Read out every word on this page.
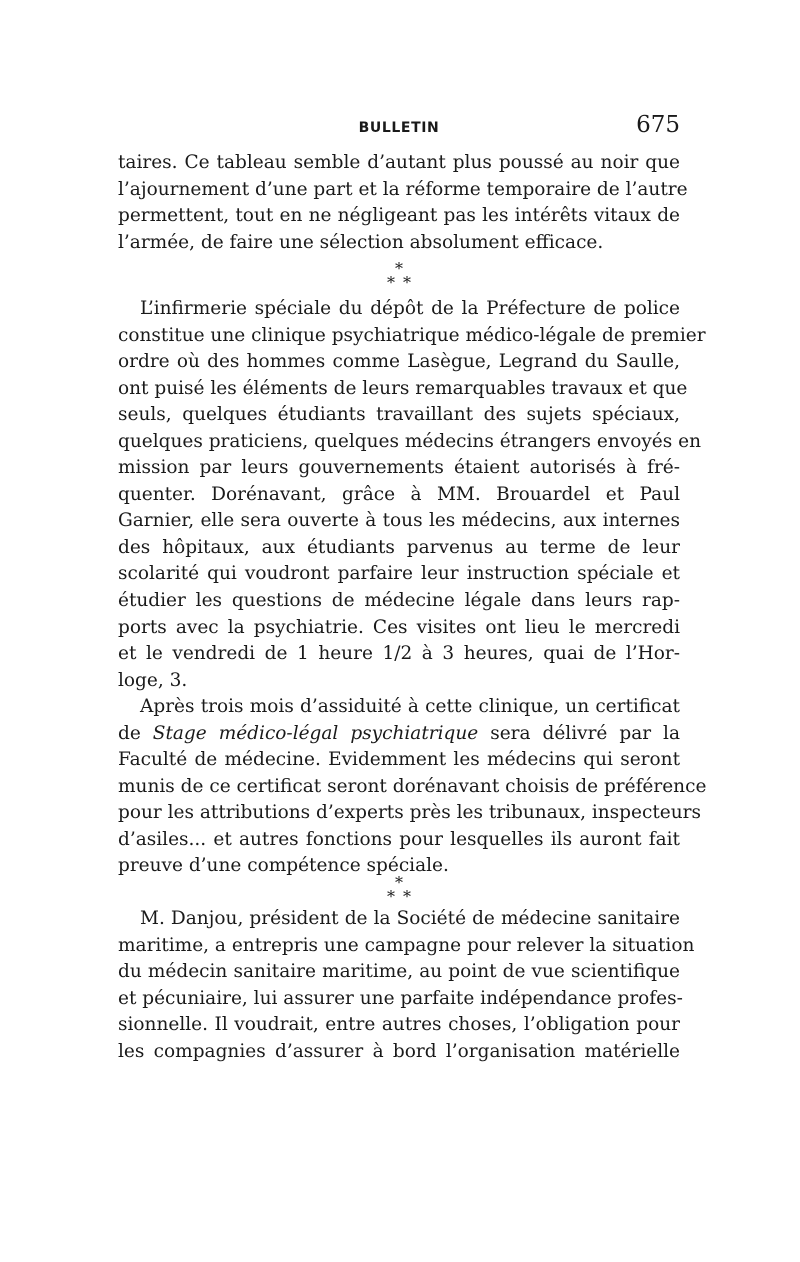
BULLETIN	675
taires. Ce tableau semble d’autant plus poussé au noir que
l’ajournement d’une part et la réforme temporaire de l’autre
permettent, tout en ne négligeant pas les intérêts vitaux de
l’armée, de faire une sélection absolument efficace.
*
**
L’infirmerie spéciale du dépôt de la Préfecture de police
constitue une clinique psychiatrique médico-légale de premier
ordre où des hommes comme Lasègue, Legrand du Saulle,
ont puisé les éléments de leurs remarquables travaux et que
seuls, quelques étudiants travaillant des sujets spéciaux,
quelques praticiens, quelques médecins étrangers envoyés en
mission par leurs gouvernements étaient autorisés à fré-
quenter. Dorénavant, grâce à MM. Brouardel et Paul
Garnier, elle sera ouverte à tous les médecins, aux internes
des hôpitaux, aux étudiants parvenus au terme de leur
scolarité qui voudront parfaire leur instruction spéciale et
étudier les questions de médecine légale dans leurs rap-
ports avec la psychiatrie. Ces visites ont lieu le mercredi
et le vendredi de 1 heure 1/2 à 3 heures, quai de l’Hor-
loge, 3.
Après trois mois d’assiduité à cette clinique, un certificat
de Stage médico-légal psychiatrique sera délivré par la
Faculté de médecine. Evidemment les médecins qui seront
munis de ce certificat seront dorénavant choisis de préférence
pour les attributions d’experts près les tribunaux, inspecteurs
d’asiles... et autres fonctions pour lesquelles ils auront fait
preuve d’une compétence spéciale.
*
**
M. Danjou, président de la Société de médecine sanitaire
maritime, a entrepris une campagne pour relever la situation
du médecin sanitaire maritime, au point de vue scientifique
et pécuniaire, lui assurer une parfaite indépendance profes-
sionnelle. Il voudrait, entre autres choses, l’obligation pour
les compagnies d’assurer à bord l’organisation matérielle
